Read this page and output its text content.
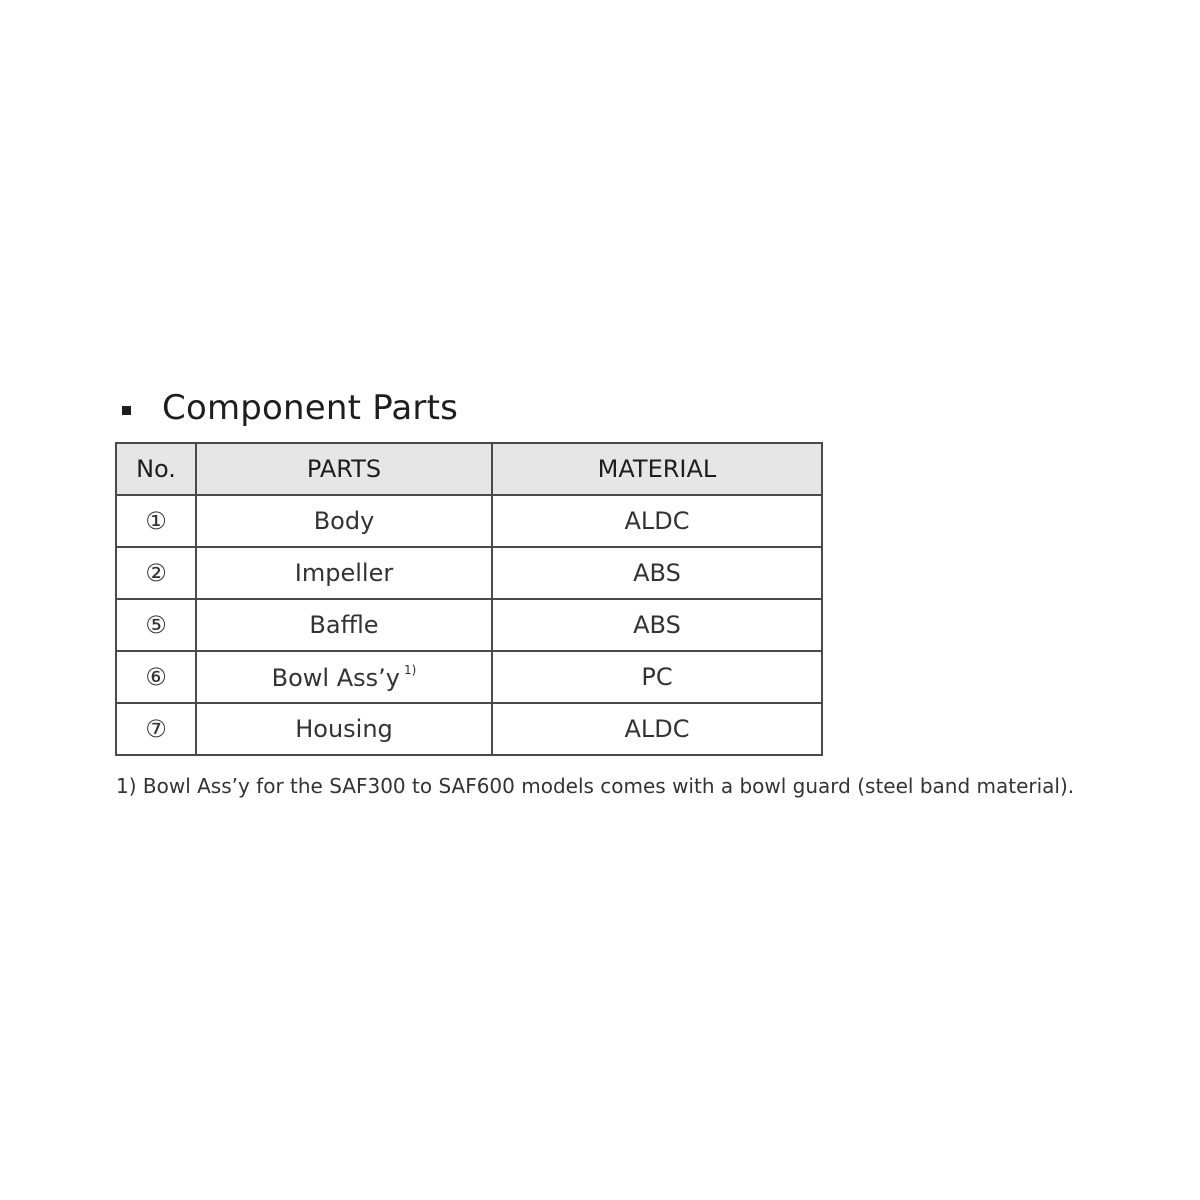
Component Parts
No.	PARTS	MATERIAL
①	Body	ALDC
②	Impeller	ABS
⑤	Baffle	ABS
⑥	Bowl Ass’y $^{1)}$	PC
⑦	Housing	ALDC
1) Bowl Ass’y for the SAF300 to SAF600 models comes with a bowl guard (steel band material).
